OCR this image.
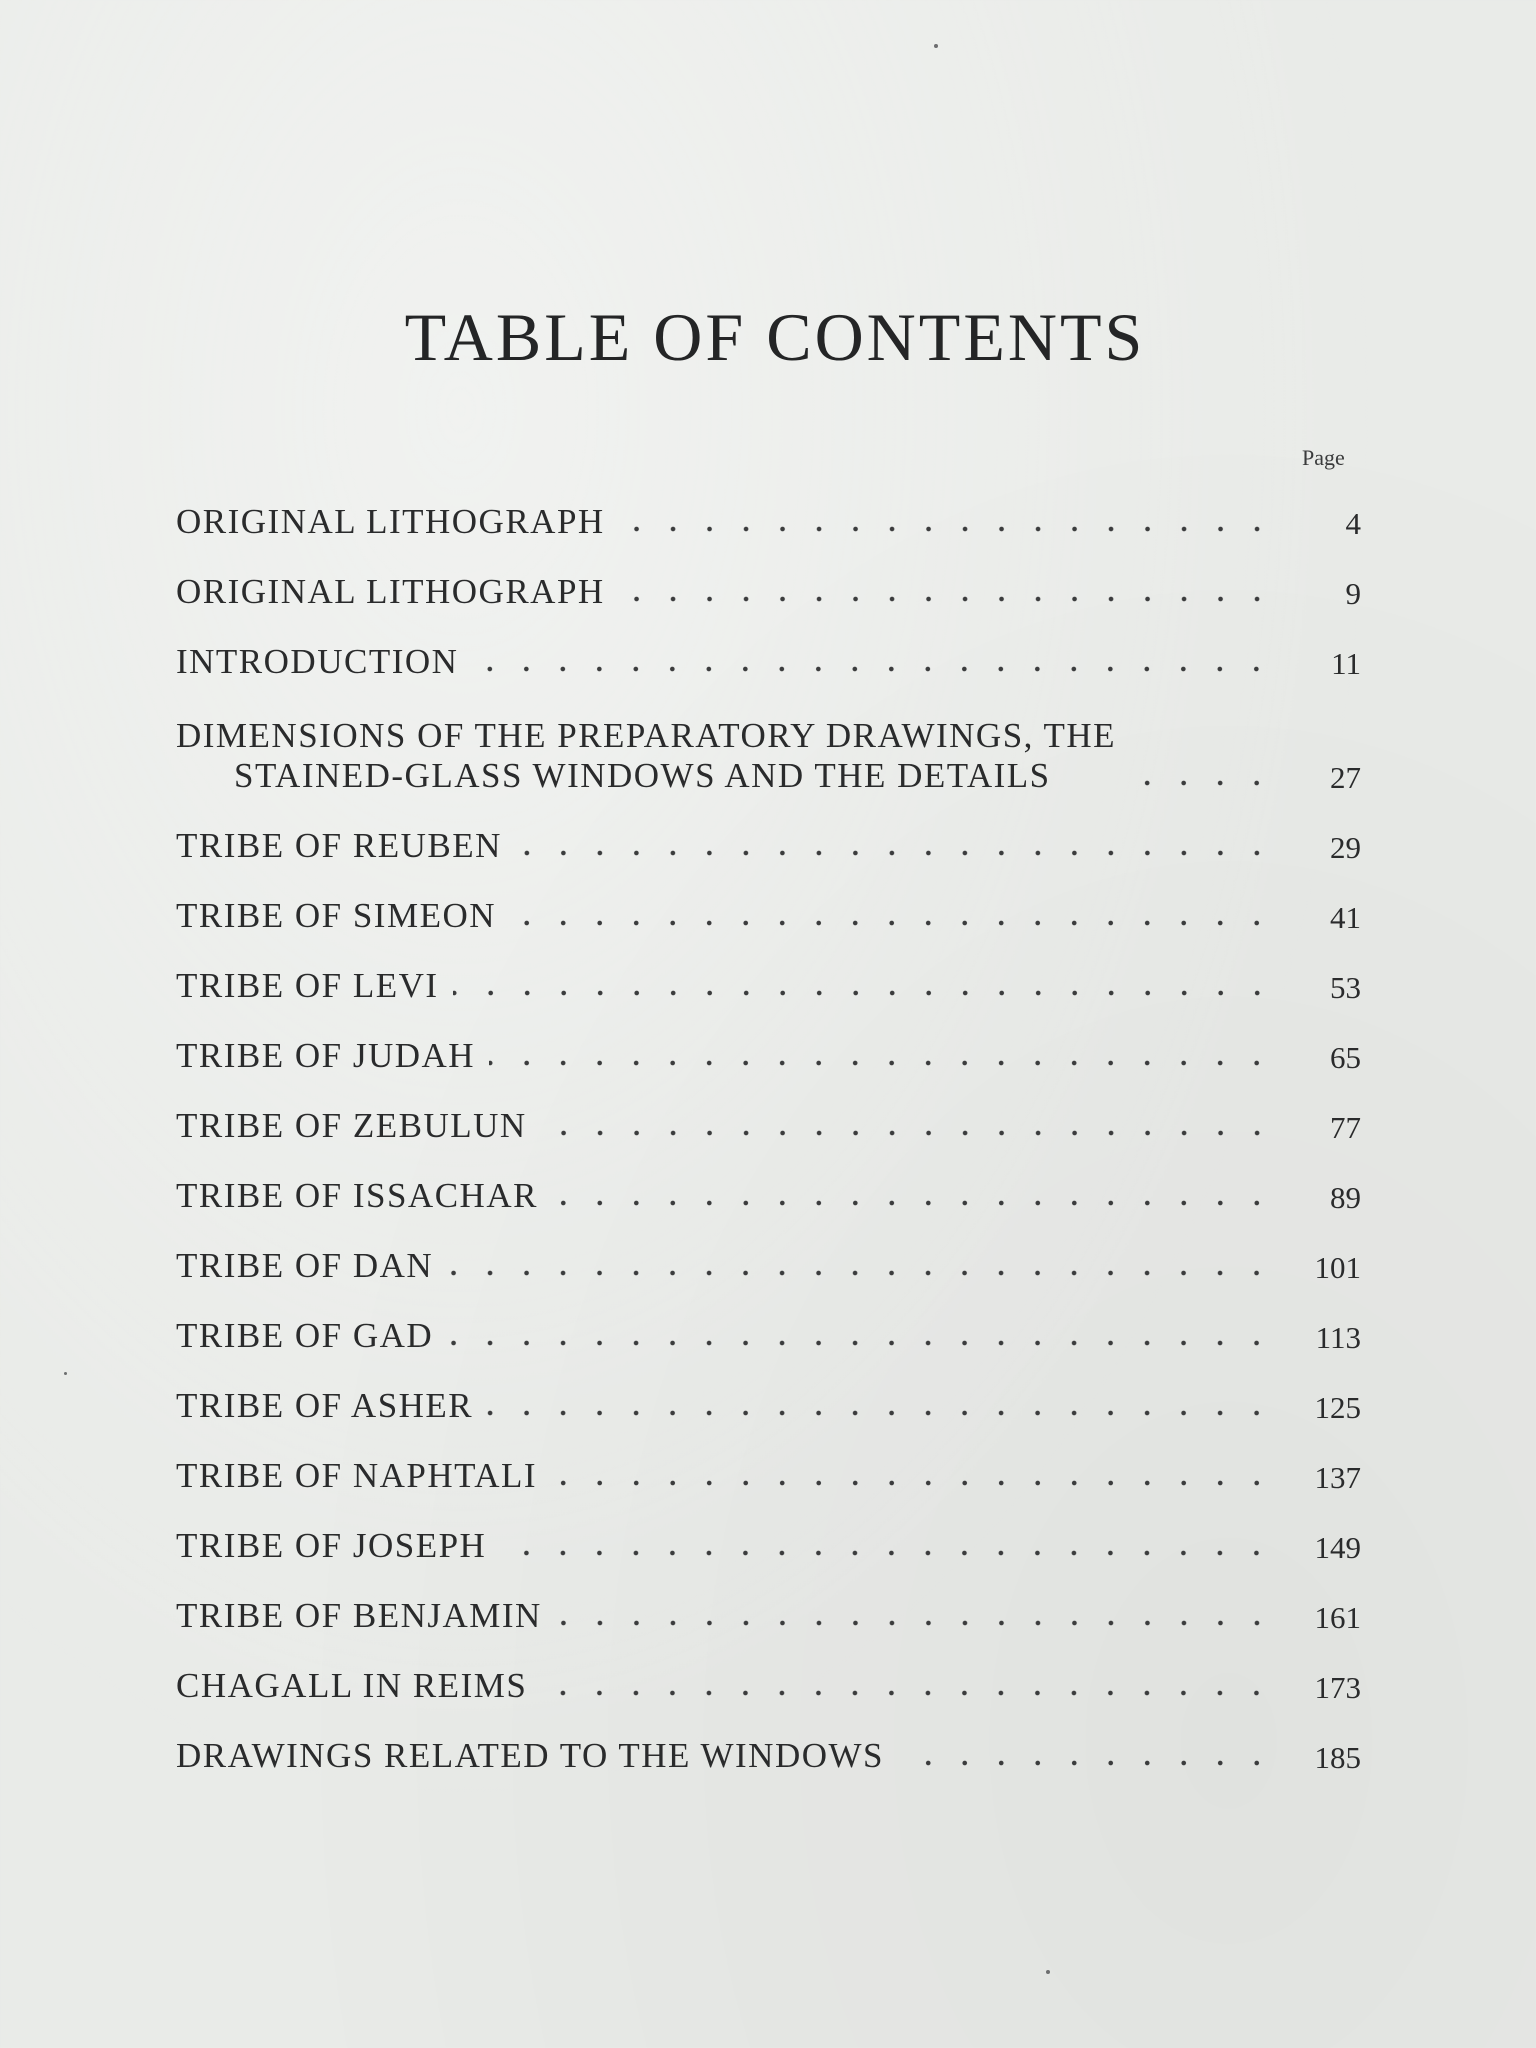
TABLE OF CONTENTS
Page
ORIGINAL LITHOGRAPH	4
ORIGINAL LITHOGRAPH	9
INTRODUCTION	11
DIMENSIONS OF THE PREPARATORY DRAWINGS, THE
STAINED-GLASS WINDOWS AND THE DETAILS	27
TRIBE OF REUBEN	29
TRIBE OF SIMEON	41
TRIBE OF LEVI	53
TRIBE OF JUDAH	65
TRIBE OF ZEBULUN	77
TRIBE OF ISSACHAR	89
TRIBE OF DAN	101
TRIBE OF GAD	113
TRIBE OF ASHER	125
TRIBE OF NAPHTALI	137
TRIBE OF JOSEPH	149
TRIBE OF BENJAMIN	161
CHAGALL IN REIMS	173
DRAWINGS RELATED TO THE WINDOWS	185
